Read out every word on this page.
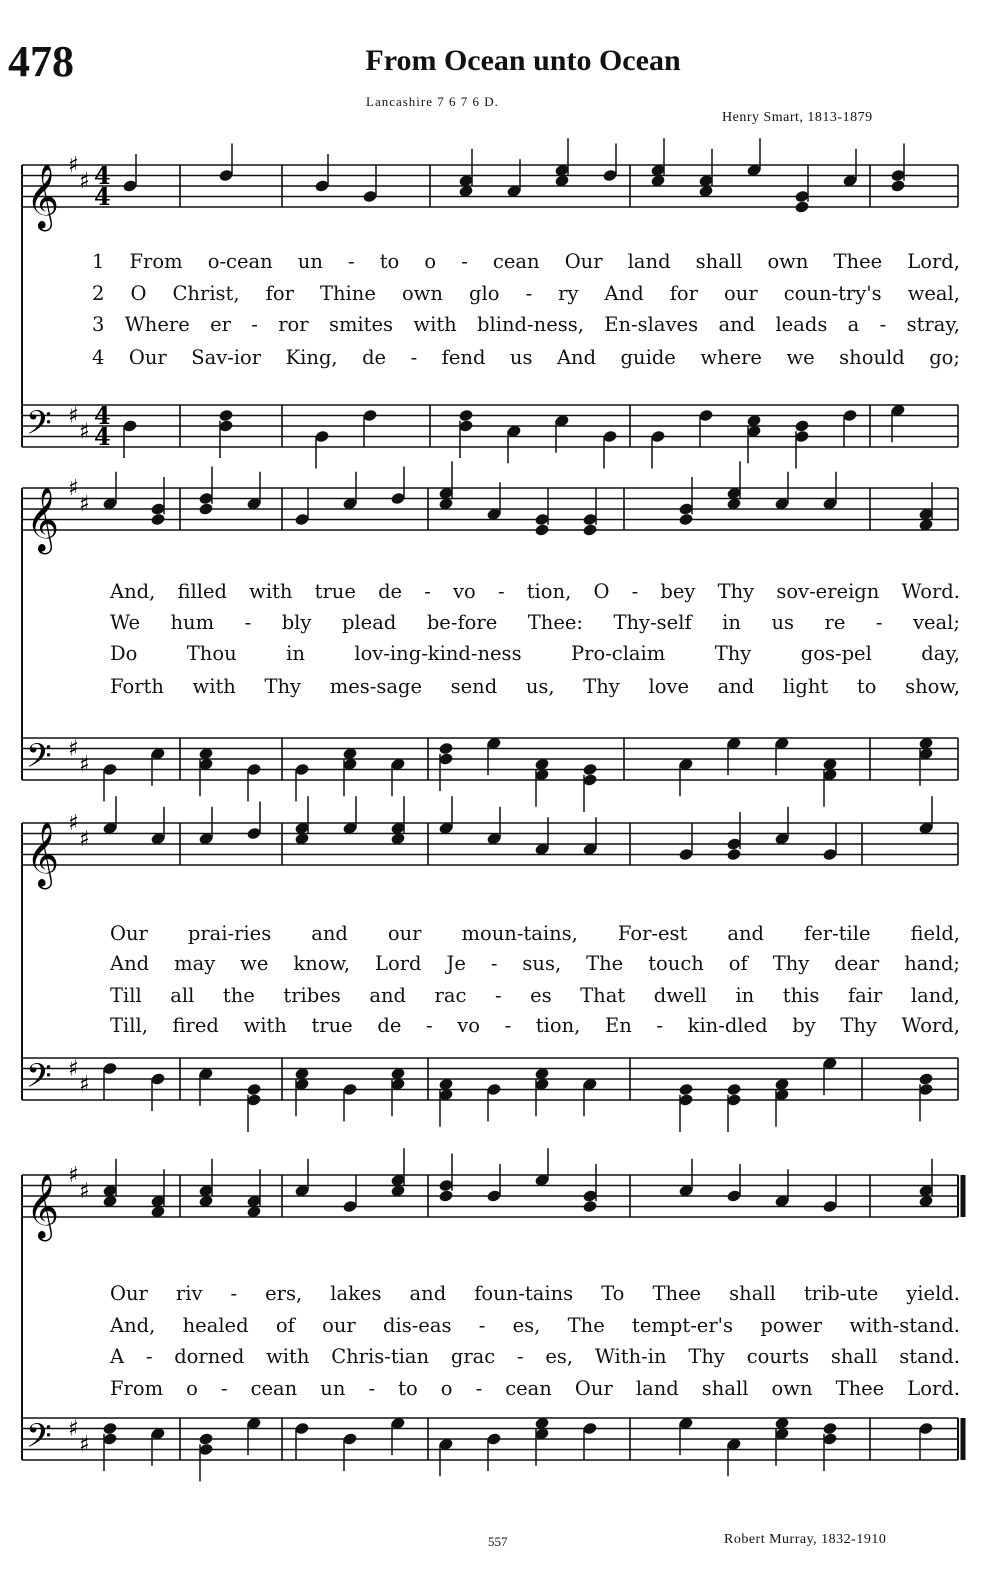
478	From Ocean unto Ocean
Lancashire 7 6 7 6 D.
Henry Smart, 1813-1879
𝄞 ♯
♯ 4
4
𝄢 ♯
♯
4
4
𝄞 ♯
♯
𝄢 ♯
♯
𝄞 ♯
♯
𝄢 ♯
♯
𝄞 ♯
♯
𝄢 ♯
♯
1 From o-cean un - to o - cean Our land shall own Thee Lord,
2 O Christ, for Thine own glo - ry And for our coun-try's weal,
3 Where er - ror smites with blind-ness, En-slaves and leads a - stray,
4 Our Sav-ior King, de - fend us And guide where we should go;
And, filled with true de - vo - tion, O - bey Thy sov-ereign Word.
We hum - bly plead be-fore Thee: Thy-self in us re - veal;
Do	Thou	in	lov-ing-kind-ness	Pro-claim	Thy	gos-pel	day,
Forth with Thy mes-sage send us, Thy love and light to show,
Our prai-ries and our moun-tains, For-est and fer-tile field,
And may we know, Lord Je - sus, The touch of Thy dear hand;
Till all the tribes and rac - es That dwell in this fair land,
Till, fired with true de - vo - tion, En - kin-dled by Thy Word,
Our riv - ers, lakes and foun-tains To Thee shall trib-ute yield.
And, healed of our dis-eas - es, The tempt-er's power with-stand.
A - dorned with Chris-tian grac - es, With-in Thy courts shall stand.
From o - cean un - to o - cean Our land shall own Thee Lord.
557	Robert Murray, 1832-1910
